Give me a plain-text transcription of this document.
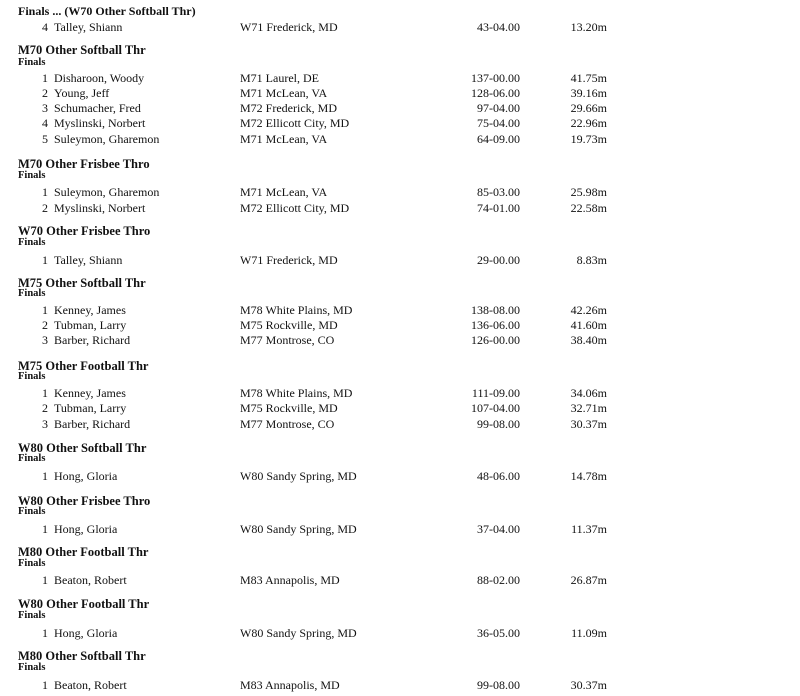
Finals ... (W70 Other Softball Thr)
4 Talley, Shiann	W71 Frederick, MD	43-04.00	13.20m
M70 Other Softball Thr
Finals
1 Disharoon, Woody	M71 Laurel, DE	137-00.00	41.75m
2 Young, Jeff	M71 McLean, VA	128-06.00	39.16m
3 Schumacher, Fred	M72 Frederick, MD	97-04.00	29.66m
4 Myslinski, Norbert	M72 Ellicott City, MD	75-04.00	22.96m
5 Suleymon, Gharemon	M71 McLean, VA	64-09.00	19.73m
M70 Other Frisbee Thro
Finals
1 Suleymon, Gharemon	M71 McLean, VA	85-03.00	25.98m
2 Myslinski, Norbert	M72 Ellicott City, MD	74-01.00	22.58m
W70 Other Frisbee Thro
Finals
1 Talley, Shiann	W71 Frederick, MD	29-00.00	8.83m
M75 Other Softball Thr
Finals
1 Kenney, James	M78 White Plains, MD	138-08.00	42.26m
2 Tubman, Larry	M75 Rockville, MD	136-06.00	41.60m
3 Barber, Richard	M77 Montrose, CO	126-00.00	38.40m
M75 Other Football Thr
Finals
1 Kenney, James	M78 White Plains, MD	111-09.00	34.06m
2 Tubman, Larry	M75 Rockville, MD	107-04.00	32.71m
3 Barber, Richard	M77 Montrose, CO	99-08.00	30.37m
W80 Other Softball Thr
Finals
1 Hong, Gloria	W80 Sandy Spring, MD	48-06.00	14.78m
W80 Other Frisbee Thro
Finals
1 Hong, Gloria	W80 Sandy Spring, MD	37-04.00	11.37m
M80 Other Football Thr
Finals
1 Beaton, Robert	M83 Annapolis, MD	88-02.00	26.87m
W80 Other Football Thr
Finals
1 Hong, Gloria	W80 Sandy Spring, MD	36-05.00	11.09m
M80 Other Softball Thr
Finals
1 Beaton, Robert	M83 Annapolis, MD	99-08.00	30.37m
